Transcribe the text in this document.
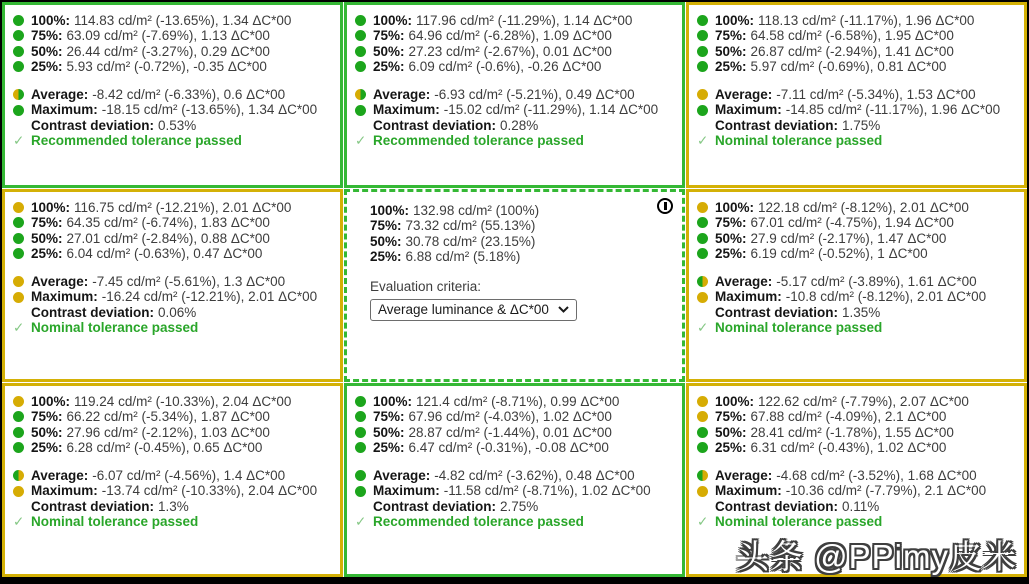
100%: 114.83 cd/m² (-13.65%), 1.34 ΔC*00
75%: 63.09 cd/m² (-7.69%), 1.13 ΔC*00
50%: 26.44 cd/m² (-3.27%), 0.29 ΔC*00
25%: 5.93 cd/m² (-0.72%), -0.35 ΔC*00
Average: -8.42 cd/m² (-6.33%), 0.6 ΔC*00
Maximum: -18.15 cd/m² (-13.65%), 1.34 ΔC*00
Contrast deviation: 0.53%
✓ Recommended tolerance passed
100%: 117.96 cd/m² (-11.29%), 1.14 ΔC*00
75%: 64.96 cd/m² (-6.28%), 1.09 ΔC*00
50%: 27.23 cd/m² (-2.67%), 0.01 ΔC*00
25%: 6.09 cd/m² (-0.6%), -0.26 ΔC*00
Average: -6.93 cd/m² (-5.21%), 0.49 ΔC*00
Maximum: -15.02 cd/m² (-11.29%), 1.14 ΔC*00
Contrast deviation: 0.28%
✓ Recommended tolerance passed
100%: 118.13 cd/m² (-11.17%), 1.96 ΔC*00
75%: 64.58 cd/m² (-6.58%), 1.95 ΔC*00
50%: 26.87 cd/m² (-2.94%), 1.41 ΔC*00
25%: 5.97 cd/m² (-0.69%), 0.81 ΔC*00
Average: -7.11 cd/m² (-5.34%), 1.53 ΔC*00
Maximum: -14.85 cd/m² (-11.17%), 1.96 ΔC*00
Contrast deviation: 1.75%
✓ Nominal tolerance passed
100%: 116.75 cd/m² (-12.21%), 2.01 ΔC*00
75%: 64.35 cd/m² (-6.74%), 1.83 ΔC*00
50%: 27.01 cd/m² (-2.84%), 0.88 ΔC*00
25%: 6.04 cd/m² (-0.63%), 0.47 ΔC*00
Average: -7.45 cd/m² (-5.61%), 1.3 ΔC*00
Maximum: -16.24 cd/m² (-12.21%), 2.01 ΔC*00
Contrast deviation: 0.06%
✓ Nominal tolerance passed
100%: 132.98 cd/m² (100%)
75%: 73.32 cd/m² (55.13%)
50%: 30.78 cd/m² (23.15%)
25%: 6.88 cd/m² (5.18%)
Evaluation criteria:
Average luminance & ΔC*00
100%: 122.18 cd/m² (-8.12%), 2.01 ΔC*00
75%: 67.01 cd/m² (-4.75%), 1.94 ΔC*00
50%: 27.9 cd/m² (-2.17%), 1.47 ΔC*00
25%: 6.19 cd/m² (-0.52%), 1 ΔC*00
Average: -5.17 cd/m² (-3.89%), 1.61 ΔC*00
Maximum: -10.8 cd/m² (-8.12%), 2.01 ΔC*00
Contrast deviation: 1.35%
✓ Nominal tolerance passed
100%: 119.24 cd/m² (-10.33%), 2.04 ΔC*00
75%: 66.22 cd/m² (-5.34%), 1.87 ΔC*00
50%: 27.96 cd/m² (-2.12%), 1.03 ΔC*00
25%: 6.28 cd/m² (-0.45%), 0.65 ΔC*00
Average: -6.07 cd/m² (-4.56%), 1.4 ΔC*00
Maximum: -13.74 cd/m² (-10.33%), 2.04 ΔC*00
Contrast deviation: 1.3%
✓ Nominal tolerance passed
100%: 121.4 cd/m² (-8.71%), 0.99 ΔC*00
75%: 67.96 cd/m² (-4.03%), 1.02 ΔC*00
50%: 28.87 cd/m² (-1.44%), 0.01 ΔC*00
25%: 6.47 cd/m² (-0.31%), -0.08 ΔC*00
Average: -4.82 cd/m² (-3.62%), 0.48 ΔC*00
Maximum: -11.58 cd/m² (-8.71%), 1.02 ΔC*00
Contrast deviation: 2.75%
✓ Recommended tolerance passed
100%: 122.62 cd/m² (-7.79%), 2.07 ΔC*00
75%: 67.88 cd/m² (-4.09%), 2.1 ΔC*00
50%: 28.41 cd/m² (-1.78%), 1.55 ΔC*00
25%: 6.31 cd/m² (-0.43%), 1.02 ΔC*00
Average: -4.68 cd/m² (-3.52%), 1.68 ΔC*00
Maximum: -10.36 cd/m² (-7.79%), 2.1 ΔC*00
Contrast deviation: 0.11%
✓ Nominal tolerance passed
头条 @PPimy皮米
